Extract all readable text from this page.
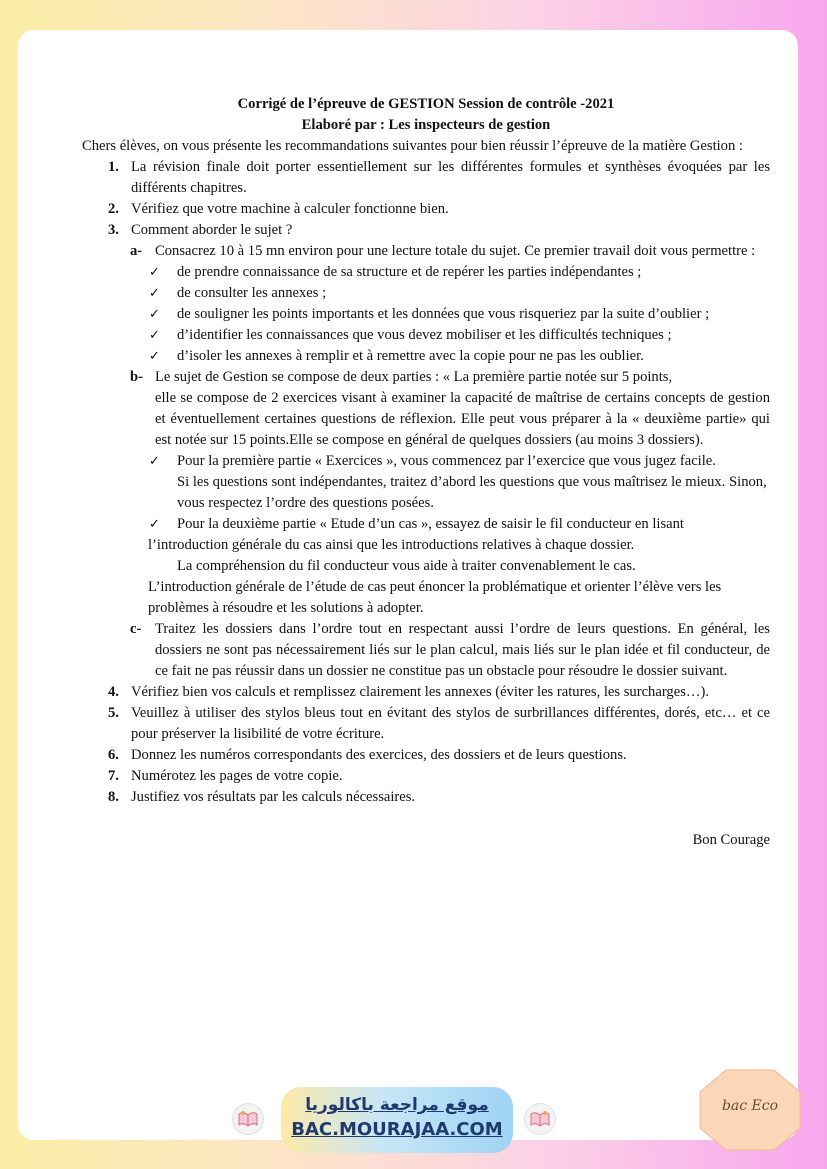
Corrigé de l’épreuve de GESTION Session de contrôle -2021
Elaboré par : Les inspecteurs de gestion
Chers élèves, on vous présente les recommandations suivantes pour bien réussir l’épreuve de la matière Gestion :
1. La révision finale doit porter essentiellement sur les différentes formules et synthèses évoquées par les différents chapitres.
2. Vérifiez que votre machine à calculer fonctionne bien.
3. Comment aborder le sujet ?
a- Consacrez 10 à 15 mn environ pour une lecture totale du sujet. Ce premier travail doit vous permettre :
✓ de prendre connaissance de sa structure et de repérer les parties indépendantes ;
✓ de consulter les annexes ;
✓ de souligner les points importants et les données que vous risqueriez par la suite d’oublier ;
✓ d’identifier les connaissances que vous devez mobiliser et les difficultés techniques ;
✓ d’isoler les annexes à remplir et à remettre avec la copie pour ne pas les oublier.
b- Le sujet de Gestion se compose de deux parties : « La première partie notée sur 5 points,
elle se compose de 2 exercices visant à examiner la capacité de maîtrise de certains concepts de gestion et éventuellement certaines questions de réflexion. Elle peut vous préparer à la « deuxième partie» qui est notée sur 15 points.Elle se compose en général de quelques dossiers (au moins 3 dossiers).
✓ Pour la première partie « Exercices », vous commencez par l’exercice que vous jugez facile.
Si les questions sont indépendantes, traitez d’abord les questions que vous maîtrisez le mieux. Sinon, vous respectez l’ordre des questions posées.
✓ Pour la deuxième partie « Etude d’un cas », essayez de saisir le fil conducteur en lisant
l’introduction générale du cas ainsi que les introductions relatives à chaque dossier.
La compréhension du fil conducteur vous aide à traiter convenablement le cas.
L’introduction générale de l’étude de cas peut énoncer la problématique et orienter l’élève vers les problèmes à résoudre et les solutions à adopter.
c- Traitez les dossiers dans l’ordre tout en respectant aussi l’ordre de leurs questions. En général, les dossiers ne sont pas nécessairement liés sur le plan calcul, mais liés sur le plan idée et fil conducteur, de ce fait ne pas réussir dans un dossier ne constitue pas un obstacle pour résoudre le dossier suivant.
4. Vérifiez bien vos calculs et remplissez clairement les annexes (éviter les ratures, les surcharges…).
5. Veuillez à utiliser des stylos bleus tout en évitant des stylos de surbrillances différentes, dorés, etc… et ce pour préserver la lisibilité de votre écriture.
6. Donnez les numéros correspondants des exercices, des dossiers et de leurs questions.
7. Numérotez les pages de votre copie.
8. Justifiez vos résultats par les calculs nécessaires.
Bon Courage
موقع مراجعة باكالوريا
BAC.MOURAJAA.COM
bac Eco
